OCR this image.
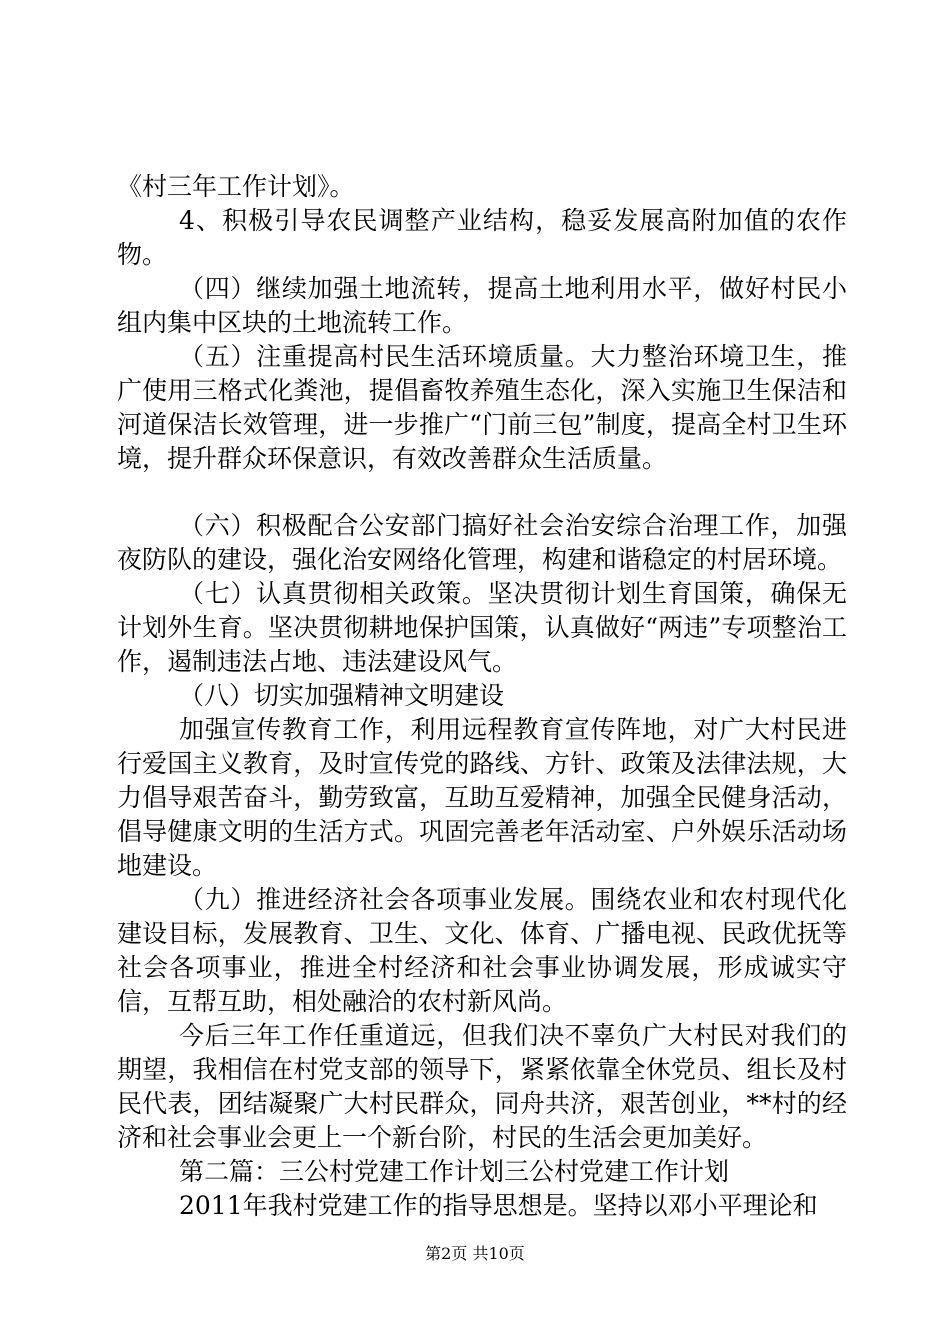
《村三年工作计划》。

4、积极引导农民调整产业结构，稳妥发展高附加值的农作物。

（四）继续加强土地流转，提高土地利用水平，做好村民小组内集中区块的土地流转工作。

（五）注重提高村民生活环境质量。大力整治环境卫生，推广使用三格式化粪池，提倡畜牧养殖生态化，深入实施卫生保洁和河道保洁长效管理，进一步推广“门前三包”制度，提高全村卫生环境，提升群众环保意识，有效改善群众生活质量。

（六）积极配合公安部门搞好社会治安综合治理工作，加强夜防队的建设，强化治安网络化管理，构建和谐稳定的村居环境。

（七）认真贯彻相关政策。坚决贯彻计划生育国策，确保无计划外生育。坚决贯彻耕地保护国策，认真做好“两违”专项整治工作，遏制违法占地、违法建设风气。

（八）切实加强精神文明建设

加强宣传教育工作，利用远程教育宣传阵地，对广大村民进行爱国主义教育，及时宣传党的路线、方针、政策及法律法规，大力倡导艰苦奋斗，勤劳致富，互助互爱精神，加强全民健身活动，倡导健康文明的生活方式。巩固完善老年活动室、户外娱乐活动场地建设。

（九）推进经济社会各项事业发展。围绕农业和农村现代化建设目标，发展教育、卫生、文化、体育、广播电视、民政优抚等社会各项事业，推进全村经济和社会事业协调发展，形成诚实守信，互帮互助，相处融洽的农村新风尚。

今后三年工作任重道远，但我们决不辜负广大村民对我们的期望，我相信在村党支部的领导下，紧紧依靠全休党员、组长及村民代表，团结凝聚广大村民群众，同舟共济，艰苦创业，**村的经济和社会事业会更上一个新台阶，村民的生活会更加美好。

第二篇：三公村党建工作计划三公村党建工作计划

2011年我村党建工作的指导思想是。坚持以邓小平理论和

第2页 共10页
